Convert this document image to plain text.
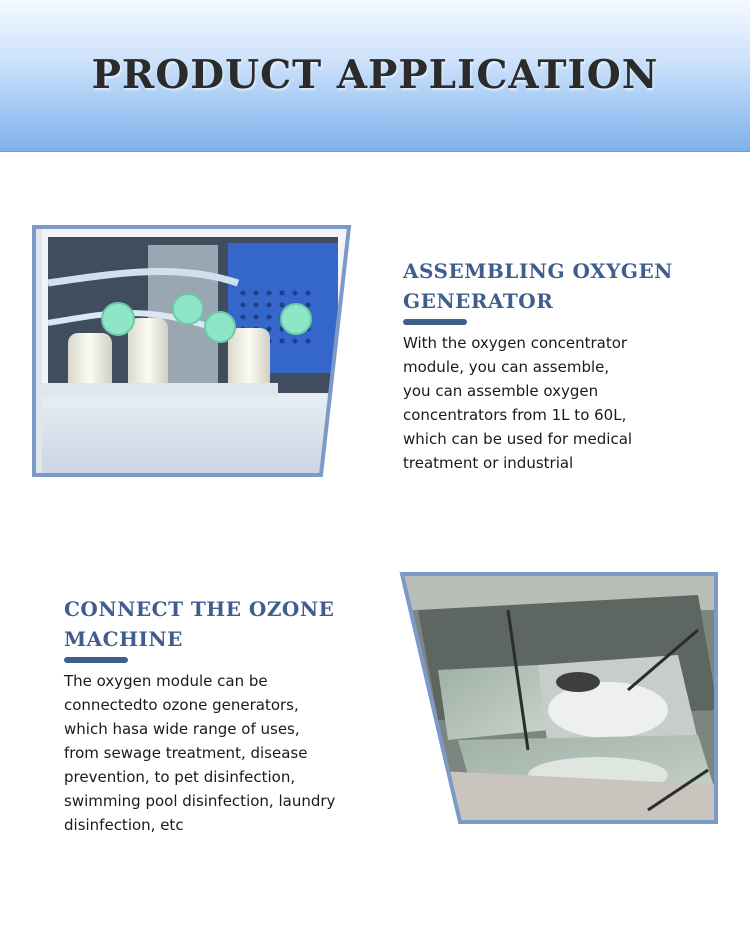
PRODUCT APPLICATION
ASSEMBLING OXYGEN
GENERATOR
With the oxygen concentrator
module, you can assemble,
you can assemble oxygen
concentrators from 1L to 60L,
which can be used for medical
treatment or industrial
CONNECT THE OZONE
MACHINE
The oxygen module can be
connectedto ozone generators,
which hasa wide range of uses,
from sewage treatment, disease
prevention, to pet disinfection,
swimming pool disinfection, laundry
disinfection, etc
